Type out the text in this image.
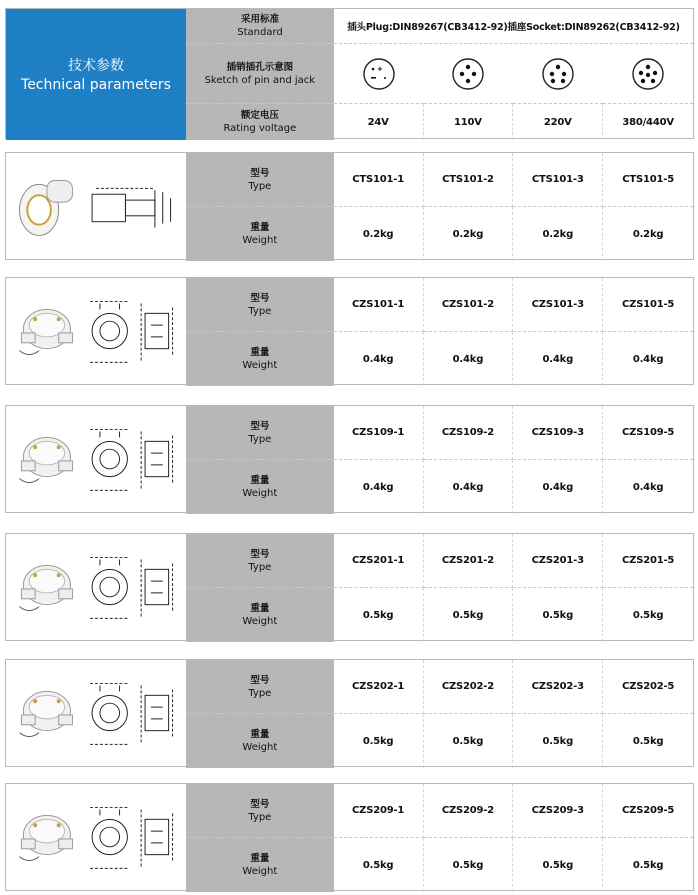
技术参数
Technical parameters
采用标准
Standard	插头Plug:DIN89267(CB3412-92)插座Socket:DIN89262(CB3412-92)
插销插孔示意图
Sketch of pin and jack
+
额定电压
Rating voltage
24V	110V	220V	380/440V
型号
Type
CTS101-1	CTS101-2	CTS101-3	CTS101-5
重量
Weight
0.2kg	0.2kg	0.2kg	0.2kg
型号
Type
CZS101-1	CZS101-2	CZS101-3	CZS101-5
重量
Weight
0.4kg	0.4kg	0.4kg	0.4kg
型号
Type
CZS109-1	CZS109-2	CZS109-3	CZS109-5
重量
Weight
0.4kg	0.4kg	0.4kg	0.4kg
型号
Type
CZS201-1	CZS201-2	CZS201-3	CZS201-5
重量
Weight
0.5kg	0.5kg	0.5kg	0.5kg
型号
Type
CZS202-1	CZS202-2	CZS202-3	CZS202-5
重量
Weight
0.5kg	0.5kg	0.5kg	0.5kg
型号
Type
CZS209-1	CZS209-2	CZS209-3	CZS209-5
重量
Weight
0.5kg	0.5kg	0.5kg	0.5kg
